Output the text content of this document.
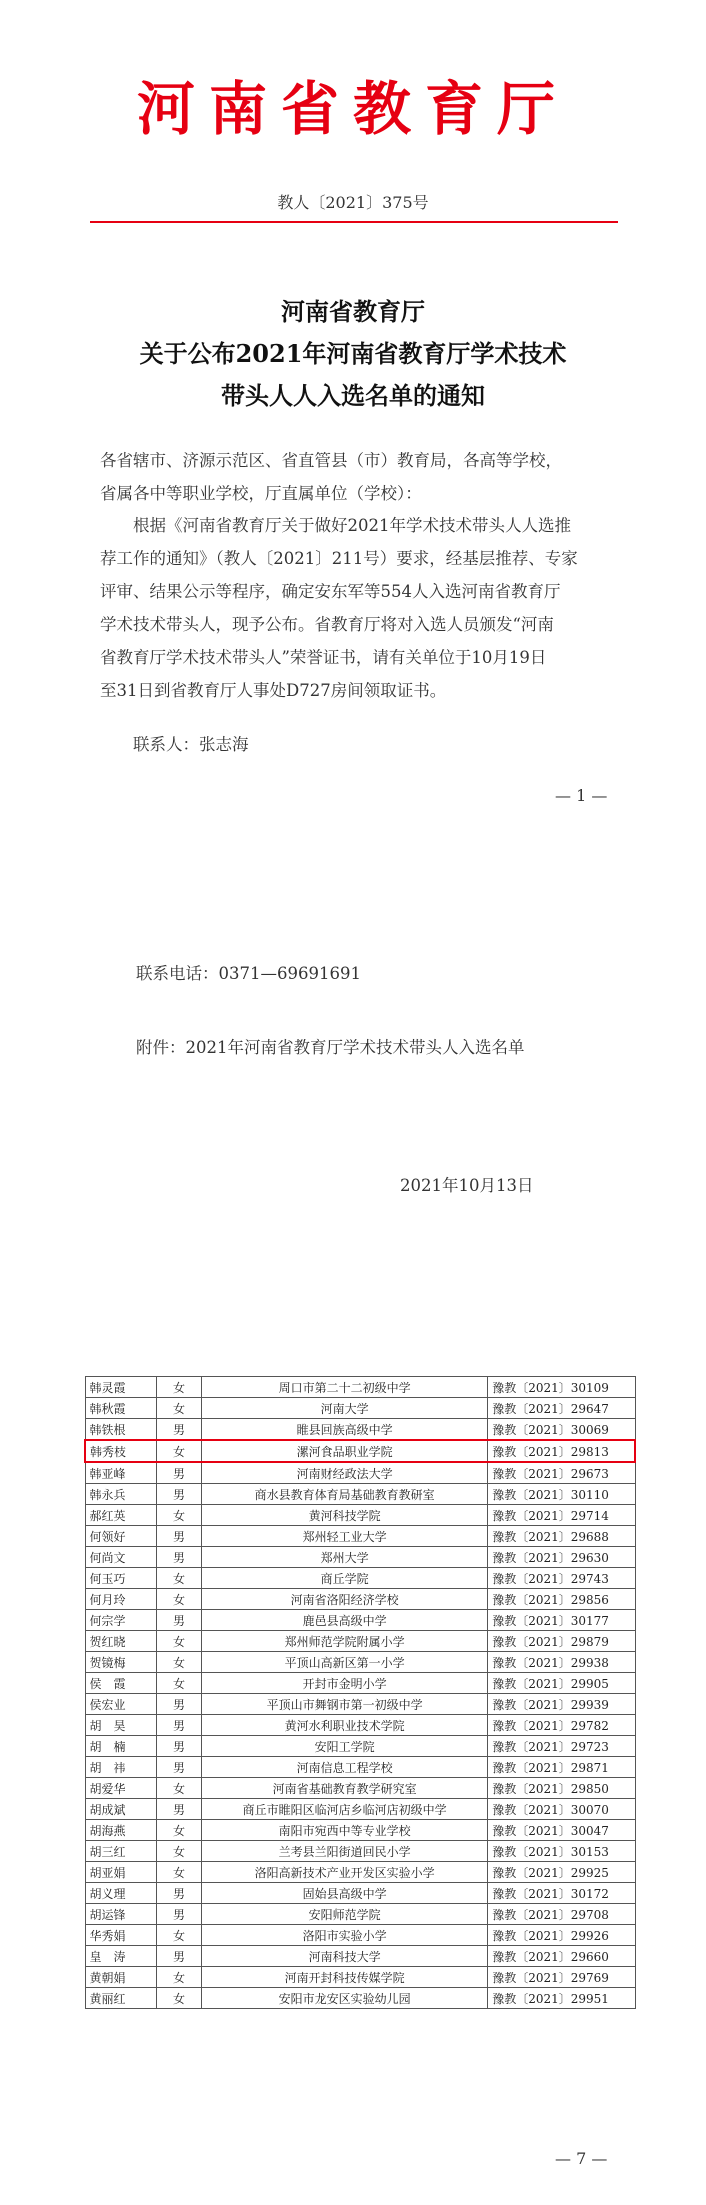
河南省教育厅
教人〔2021〕375号
河南省教育厅
关于公布2021年河南省教育厅学术技术
带头人人入选名单的通知
各省辖市、济源示范区、省直管县（市）教育局，各高等学校，
省属各中等职业学校，厅直属单位（学校）：
根据《河南省教育厅关于做好2021年学术技术带头人人选推
荐工作的通知》（教人〔2021〕211号）要求，经基层推荐、专家
评审、结果公示等程序，确定安东军等554人入选河南省教育厅
学术技术带头人，现予公布。省教育厅将对入选人员颁发“河南
省教育厅学术技术带头人”荣誉证书，请有关单位于10月19日
至31日到省教育厅人事处D727房间领取证书。
联系人：张志海
— 1 —
联系电话：0371—69691691
附件：2021年河南省教育厅学术技术带头人入选名单
2021年10月13日
韩灵霞	女	周口市第二十二初级中学	豫教〔2021〕30109
韩秋霞	女	河南大学	豫教〔2021〕29647
韩铁根	男	睢县回族高级中学	豫教〔2021〕30069
韩秀枝	女	漯河食品职业学院	豫教〔2021〕29813
韩亚峰	男	河南财经政法大学	豫教〔2021〕29673
韩永兵	男	商水县教育体育局基础教育教研室	豫教〔2021〕30110
郝红英	女	黄河科技学院	豫教〔2021〕29714
何领好	男	郑州轻工业大学	豫教〔2021〕29688
何尚文	男	郑州大学	豫教〔2021〕29630
何玉巧	女	商丘学院	豫教〔2021〕29743
何月玲	女	河南省洛阳经济学校	豫教〔2021〕29856
何宗学	男	鹿邑县高级中学	豫教〔2021〕30177
贺红晓	女	郑州师范学院附属小学	豫教〔2021〕29879
贺镜梅	女	平顶山高新区第一小学	豫教〔2021〕29938
侯　霞	女	开封市金明小学	豫教〔2021〕29905
侯宏业	男	平顶山市舞钢市第一初级中学	豫教〔2021〕29939
胡　昊	男	黄河水利职业技术学院	豫教〔2021〕29782
胡　楠	男	安阳工学院	豫教〔2021〕29723
胡　祎	男	河南信息工程学校	豫教〔2021〕29871
胡爱华	女	河南省基础教育教学研究室	豫教〔2021〕29850
胡成斌	男	商丘市睢阳区临河店乡临河店初级中学	豫教〔2021〕30070
胡海燕	女	南阳市宛西中等专业学校	豫教〔2021〕30047
胡三红	女	兰考县兰阳街道回民小学	豫教〔2021〕30153
胡亚娟	女	洛阳高新技术产业开发区实验小学	豫教〔2021〕29925
胡义理	男	固始县高级中学	豫教〔2021〕30172
胡运锋	男	安阳师范学院	豫教〔2021〕29708
华秀娟	女	洛阳市实验小学	豫教〔2021〕29926
皇　涛	男	河南科技大学	豫教〔2021〕29660
黄朝娟	女	河南开封科技传媒学院	豫教〔2021〕29769
黄丽红	女	安阳市龙安区实验幼儿园	豫教〔2021〕29951
— 7 —
